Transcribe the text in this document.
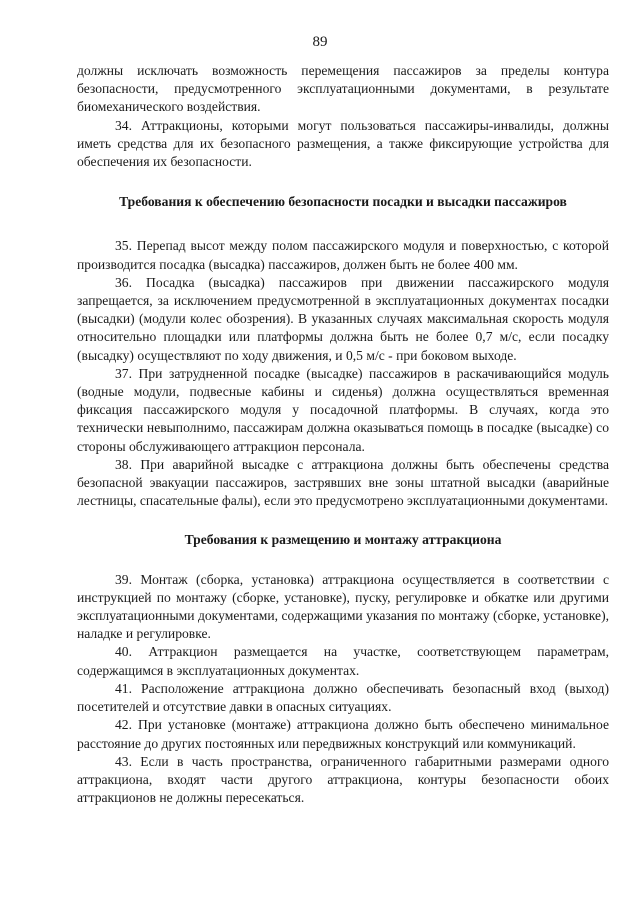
89

должны исключать возможность перемещения пассажиров за пределы контура безопасности, предусмотренного эксплуатационными документами, в результате биомеханического воздействия.

34. Аттракционы, которыми могут пользоваться пассажиры-инвалиды, должны иметь средства для их безопасного размещения, а также фиксирующие устройства для обеспечения их безопасности.

Требования к обеспечению безопасности посадки и высадки пассажиров

35. Перепад высот между полом пассажирского модуля и поверхностью, с которой производится посадка (высадка) пассажиров, должен быть не более 400 мм.

36. Посадка (высадка) пассажиров при движении пассажирского модуля запрещается, за исключением предусмотренной в эксплуатационных документах посадки (высадки) (модули колес обозрения). В указанных случаях максимальная скорость модуля относительно площадки или платформы должна быть не более 0,7 м/с, если посадку (высадку) осуществляют по ходу движения, и 0,5 м/с - при боковом выходе.

37. При затрудненной посадке (высадке) пассажиров в раскачивающийся модуль (водные модули, подвесные кабины и сиденья) должна осуществляться временная фиксация пассажирского модуля у посадочной платформы. В случаях, когда это технически невыполнимо, пассажирам должна оказываться помощь в посадке (высадке) со стороны обслуживающего аттракцион персонала.

38. При аварийной высадке с аттракциона должны быть обеспечены средства безопасной эвакуации пассажиров, застрявших вне зоны штатной высадки (аварийные лестницы, спасательные фалы), если это предусмотрено эксплуатационными документами.

Требования к размещению и монтажу аттракциона

39. Монтаж (сборка, установка) аттракциона осуществляется в соответствии с инструкцией по монтажу (сборке, установке), пуску, регулировке и обкатке или другими эксплуатационными документами, содержащими указания по монтажу (сборке, установке), наладке и регулировке.

40. Аттракцион размещается на участке, соответствующем параметрам, содержащимся в эксплуатационных документах.

41. Расположение аттракциона должно обеспечивать безопасный вход (выход) посетителей и отсутствие давки в опасных ситуациях.

42. При установке (монтаже) аттракциона должно быть обеспечено минимальное расстояние до других постоянных или передвижных конструкций или коммуникаций.

43. Если в часть пространства, ограниченного габаритными размерами одного аттракциона, входят части другого аттракциона, контуры безопасности обоих аттракционов не должны пересекаться.
